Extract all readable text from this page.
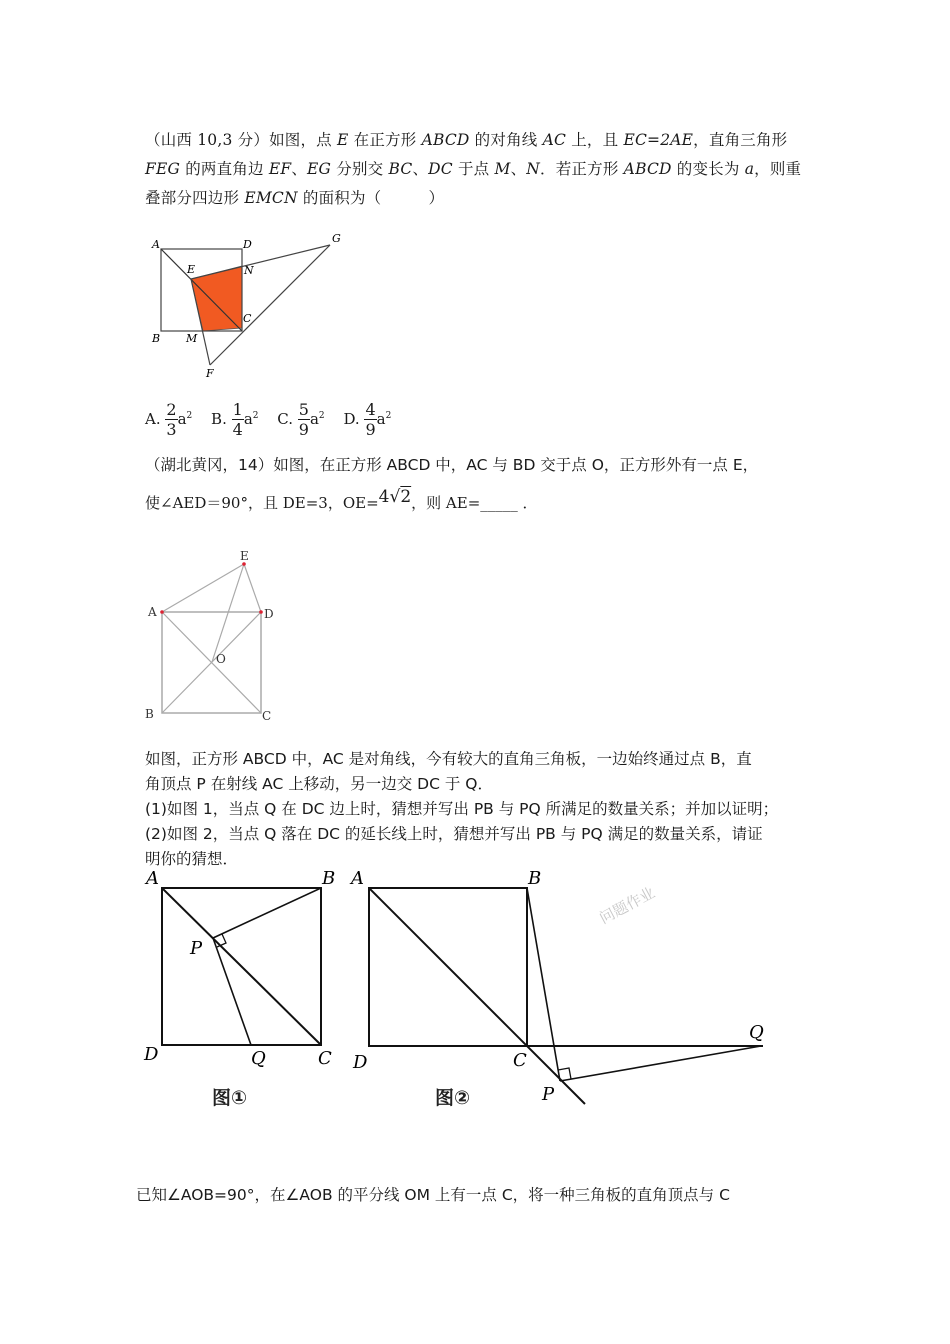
（山西 10,3 分）如图，点 E 在正方形 ABCD 的对角线 AC 上，且 EC=2AE，直角三角形
FEG 的两直角边 EF、EG 分别交 BC、DC 于点 M、N．若正方形 ABCD 的变长为 a，则重
叠部分四边形 EMCN 的面积为（　　　）
A	D	G
E	N
C
B M
F
A. $\frac{2}{3} a^2$ B. $\frac{1}{4} a^2$ C. $\frac{5}{9} a^2$ D. $\frac{4}{9} a^2$
（湖北黄冈，14）如图，在正方形 ABCD 中，AC 与 BD 交于点 O，正方形外有一点 E，
使∠AED＝90°，且 DE=3，OE=4√2，则 AE=_____ ．
E
A	D
O
B	C
如图，正方形 ABCD 中，AC 是对角线，今有较大的直角三角板，一边始终通过点 B，直
角顶点 P 在射线 AC 上移动，另一边交 DC 于 Q．
(1)如图 1，当点 Q 在 DC 边上时，猜想并写出 PB 与 PQ 所满足的数量关系；并加以证明；
(2)如图 2，当点 Q 落在 DC 的延长线上时，猜想并写出 PB 与 PQ 满足的数量关系，请证
明你的猜想．
A	B
P
D	Q	C
图①
A	B
D	C
P
Q
图②
问题作业
已知∠AOB=90°，在∠AOB 的平分线 OM 上有一点 C，将一种三角板的直角顶点与 C
